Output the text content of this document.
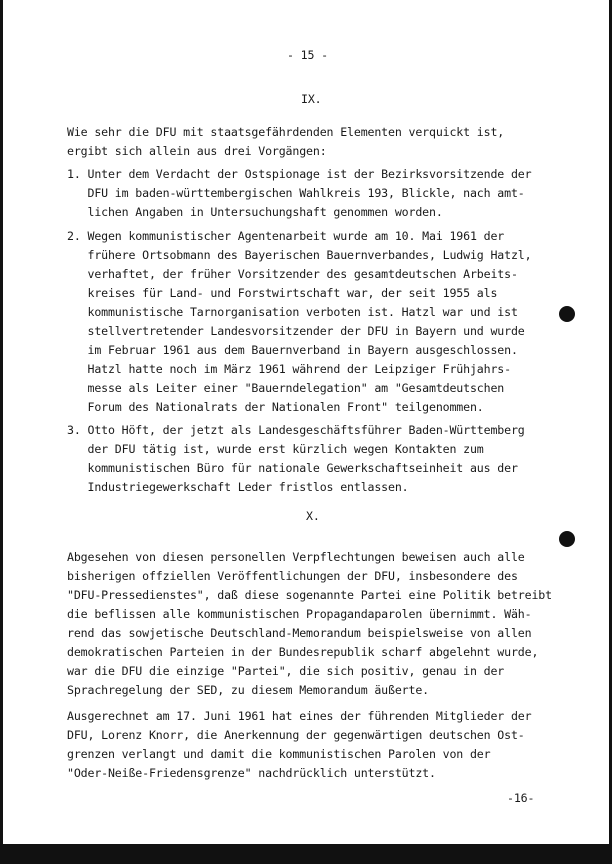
- 15 -
IX.
Wie sehr die DFU mit staatsgefährdenden Elementen verquickt ist,
ergibt sich allein aus drei Vorgängen:
1. Unter dem Verdacht der Ostspionage ist der Bezirksvorsitzende der
DFU im baden-württembergischen Wahlkreis 193, Blickle, nach amt-
lichen Angaben in Untersuchungshaft genommen worden.
2. Wegen kommunistischer Agentenarbeit wurde am 10. Mai 1961 der
frühere Ortsobmann des Bayerischen Bauernverbandes, Ludwig Hatzl,
verhaftet, der früher Vorsitzender des gesamtdeutschen Arbeits-
kreises für Land- und Forstwirtschaft war, der seit 1955 als
kommunistische Tarnorganisation verboten ist. Hatzl war und ist
stellvertretender Landesvorsitzender der DFU in Bayern und wurde
im Februar 1961 aus dem Bauernverband in Bayern ausgeschlossen.
Hatzl hatte noch im März 1961 während der Leipziger Frühjahrs-
messe als Leiter einer "Bauerndelegation" am "Gesamtdeutschen
Forum des Nationalrats der Nationalen Front" teilgenommen.
3. Otto Höft, der jetzt als Landesgeschäftsführer Baden-Württemberg
der DFU tätig ist, wurde erst kürzlich wegen Kontakten zum
kommunistischen Büro für nationale Gewerkschaftseinheit aus der
Industriegewerkschaft Leder fristlos entlassen.
X.
Abgesehen von diesen personellen Verpflechtungen beweisen auch alle
bisherigen offziellen Veröffentlichungen der DFU, insbesondere des
"DFU-Pressedienstes", daß diese sogenannte Partei eine Politik betreibt
die beflissen alle kommunistischen Propagandaparolen übernimmt. Wäh-
rend das sowjetische Deutschland-Memorandum beispielsweise von allen
demokratischen Parteien in der Bundesrepublik scharf abgelehnt wurde,
war die DFU die einzige "Partei", die sich positiv, genau in der
Sprachregelung der SED, zu diesem Memorandum äußerte.
Ausgerechnet am 17. Juni 1961 hat eines der führenden Mitglieder der
DFU, Lorenz Knorr, die Anerkennung der gegenwärtigen deutschen Ost-
grenzen verlangt und damit die kommunistischen Parolen von der
"Oder-Neiße-Friedensgrenze" nachdrücklich unterstützt.
-16-
